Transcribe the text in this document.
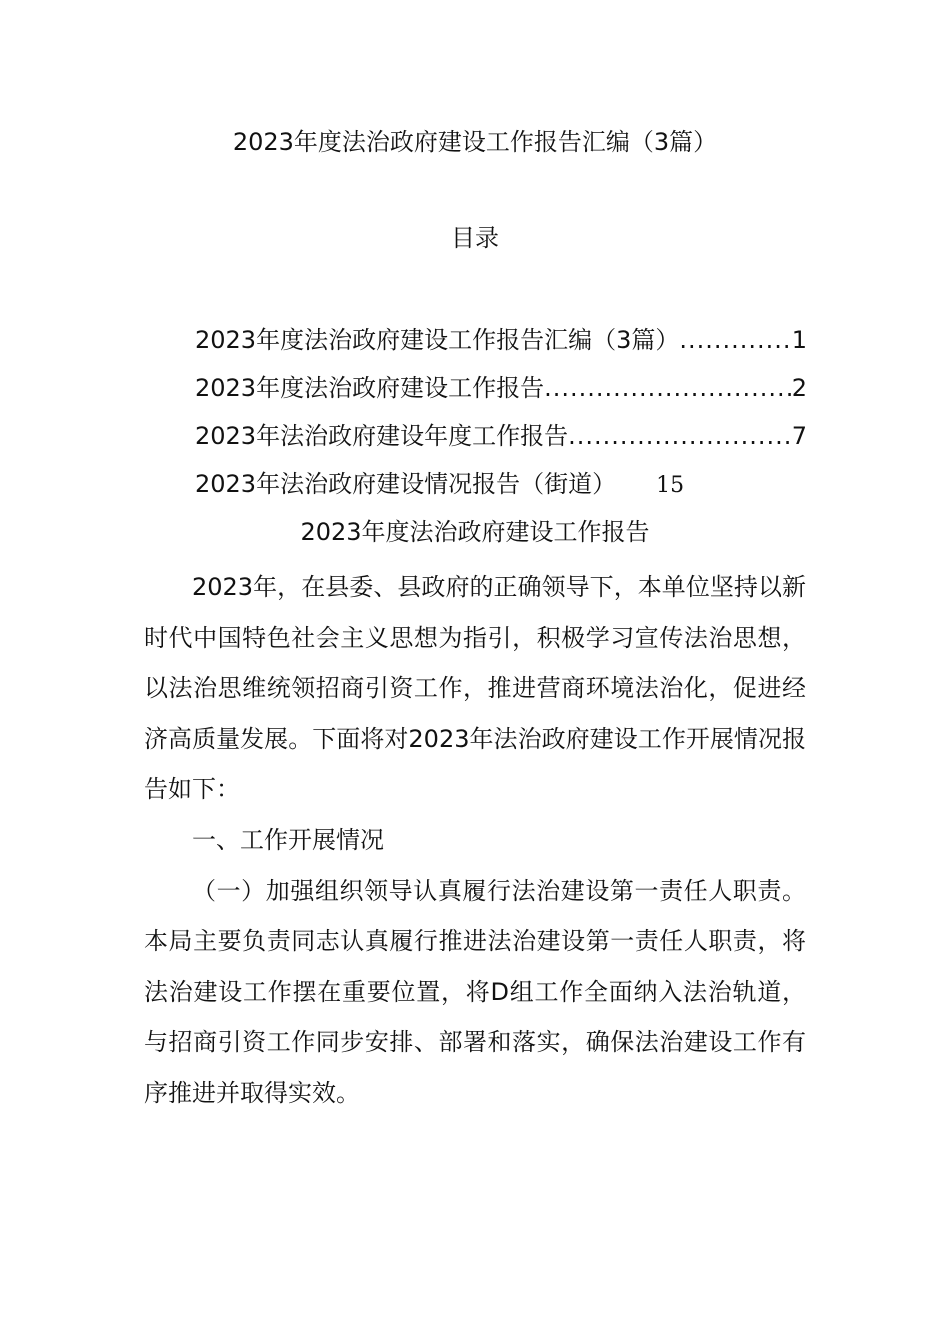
2023年度法治政府建设工作报告汇编（3篇）
目录
2023年度法治政府建设工作报告汇编（3篇） .....	1
2023年度法治政府建设工作报告 .....	2
2023年法治政府建设年度工作报告 .....	7
2023年法治政府建设情况报告（街道） 15
2023年度法治政府建设工作报告

2023年，在县委、县政府的正确领导下，本单位坚持以新时代中国特色社会主义思想为指引，积极学习宣传法治思想，以法治思维统领招商引资工作，推进营商环境法治化，促进经济高质量发展。下面将对2023年法治政府建设工作开展情况报告如下：

一、工作开展情况

（一）加强组织领导认真履行法治建设第一责任人职责。本局主要负责同志认真履行推进法治建设第一责任人职责，将法治建设工作摆在重要位置，将D组工作全面纳入法治轨道，与招商引资工作同步安排、部署和落实，确保法治建设工作有序推进并取得实效。
